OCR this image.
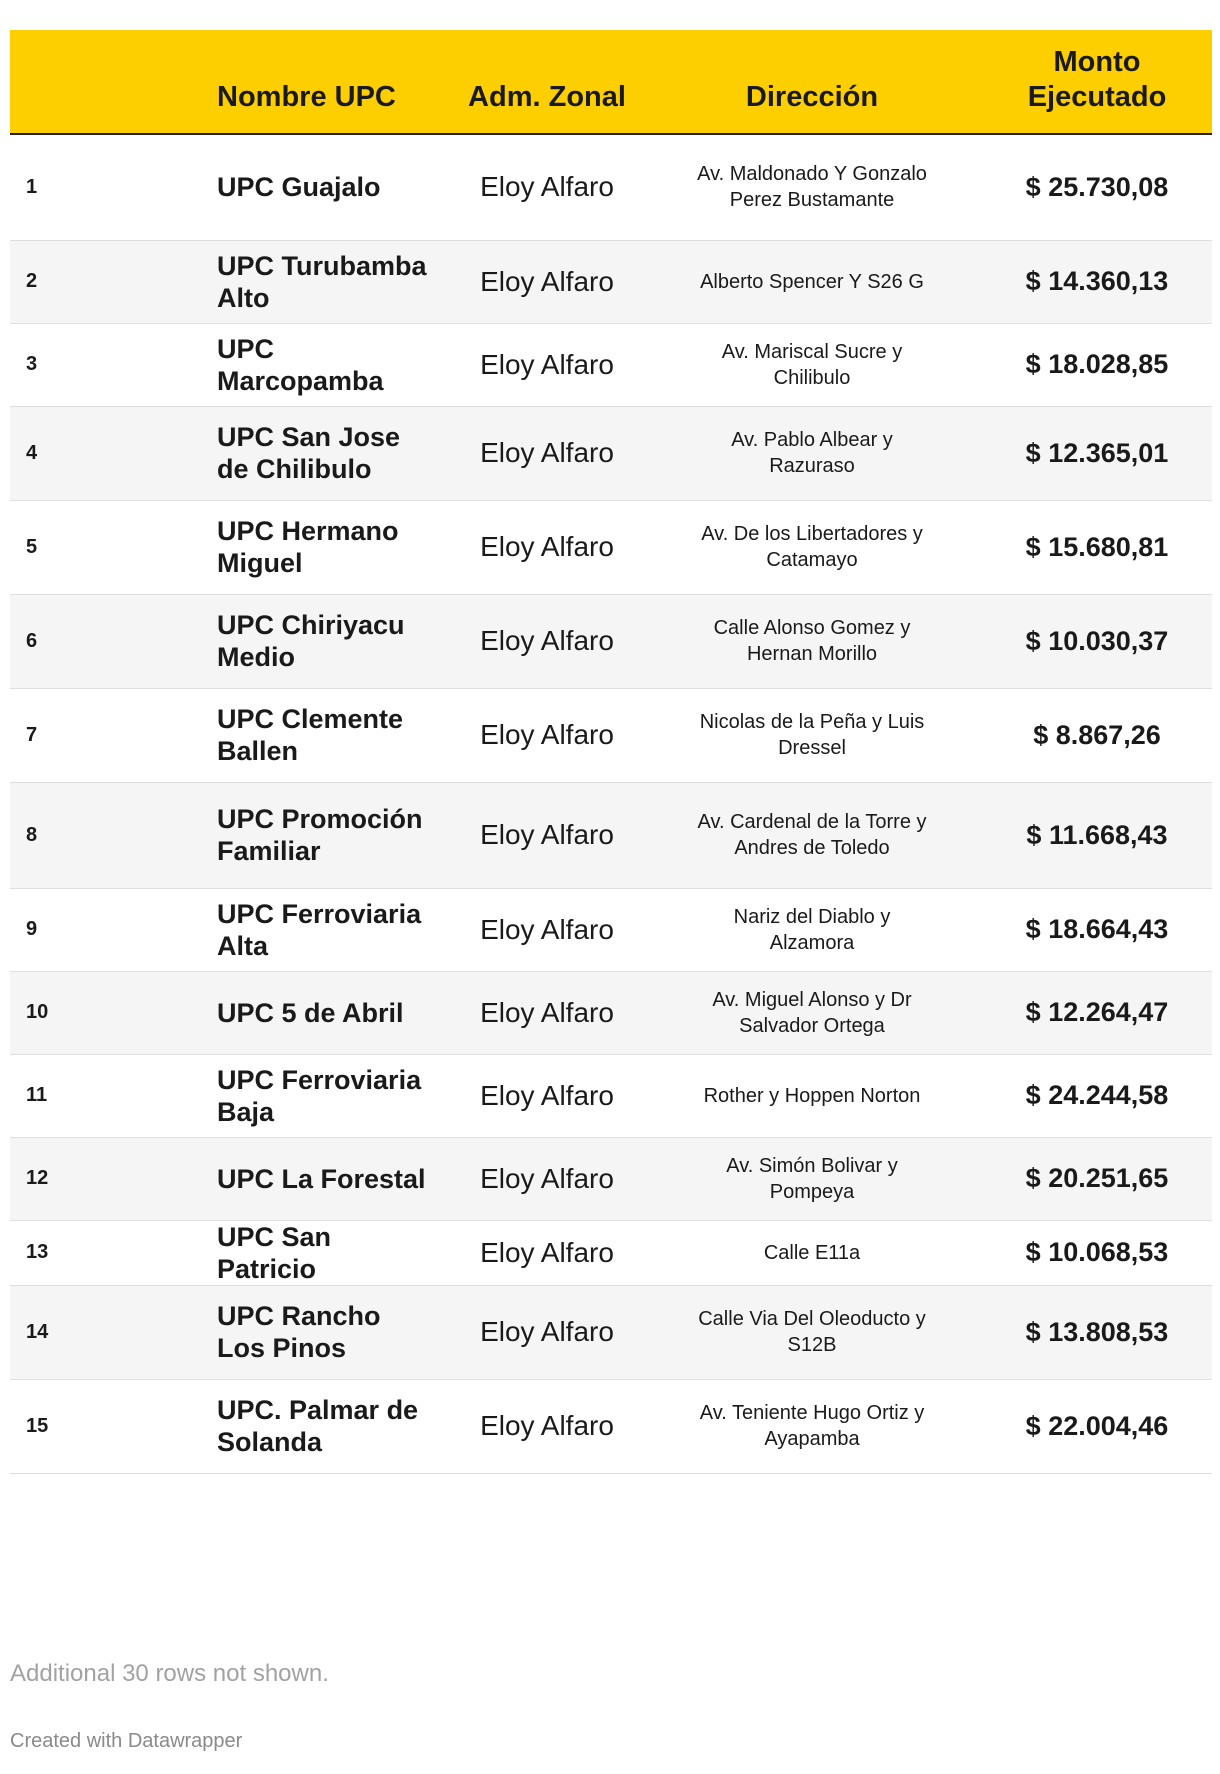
	Nombre UPC	Adm. Zonal	Dirección	Monto Ejecutado
1	UPC Guajalo	Eloy Alfaro	Av. Maldonado Y Gonzalo Perez Bustamante	$ 25.730,08
2	UPC Turubamba Alto	Eloy Alfaro	Alberto Spencer Y S26 G	$ 14.360,13
3	UPC Marcopamba	Eloy Alfaro	Av. Mariscal Sucre y Chilibulo	$ 18.028,85
4	UPC San Jose de Chilibulo	Eloy Alfaro	Av. Pablo Albear y Razuraso	$ 12.365,01
5	UPC Hermano Miguel	Eloy Alfaro	Av. De los Libertadores y Catamayo	$ 15.680,81
6	UPC Chiriyacu Medio	Eloy Alfaro	Calle Alonso Gomez y Hernan Morillo	$ 10.030,37
7	UPC Clemente Ballen	Eloy Alfaro	Nicolas de la Peña y Luis Dressel	$ 8.867,26
8	UPC Promoción Familiar	Eloy Alfaro	Av. Cardenal de la Torre y Andres de Toledo	$ 11.668,43
9	UPC Ferroviaria Alta	Eloy Alfaro	Nariz del Diablo y Alzamora	$ 18.664,43
10	UPC 5 de Abril	Eloy Alfaro	Av. Miguel Alonso y Dr Salvador Ortega	$ 12.264,47
11	UPC Ferroviaria Baja	Eloy Alfaro	Rother y Hoppen Norton	$ 24.244,58
12	UPC La Forestal	Eloy Alfaro	Av. Simón Bolivar y Pompeya	$ 20.251,65
13	UPC San Patricio	Eloy Alfaro	Calle E11a	$ 10.068,53
14	UPC Rancho Los Pinos	Eloy Alfaro	Calle Via Del Oleoducto y S12B	$ 13.808,53
15	UPC. Palmar de Solanda	Eloy Alfaro	Av. Teniente Hugo Ortiz y Ayapamba	$ 22.004,46
Additional 30 rows not shown.
Created with Datawrapper
